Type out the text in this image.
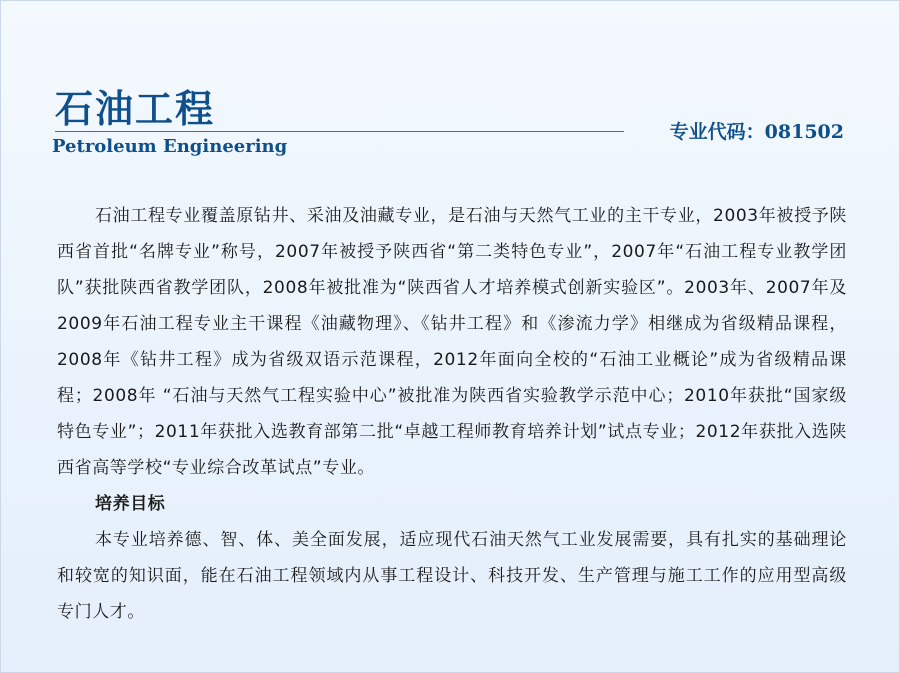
石油工程
Petroleum Engineering
专业代码：081502

石油工程专业覆盖原钻井、采油及油藏专业，是石油与天然气工业的主干专业，2003年被授予陕西省首批“名牌专业”称号，2007年被授予陕西省“第二类特色专业”，2007年“石油工程专业教学团队”获批陕西省教学团队，2008年被批准为“陕西省人才培养模式创新实验区”。2003年、2007年及2009年石油工程专业主干课程《油藏物理》、《钻井工程》和《渗流力学》相继成为省级精品课程，2008年《钻井工程》成为省级双语示范课程，2012年面向全校的“石油工业概论”成为省级精品课程；2008年 “石油与天然气工程实验中心”被批准为陕西省实验教学示范中心；2010年获批“国家级特色专业”；2011年获批入选教育部第二批“卓越工程师教育培养计划”试点专业；2012年获批入选陕西省高等学校“专业综合改革试点”专业。

培养目标

本专业培养德、智、体、美全面发展，适应现代石油天然气工业发展需要，具有扎实的基础理论和较宽的知识面，能在石油工程领域内从事工程设计、科技开发、生产管理与施工工作的应用型高级专门人才。
